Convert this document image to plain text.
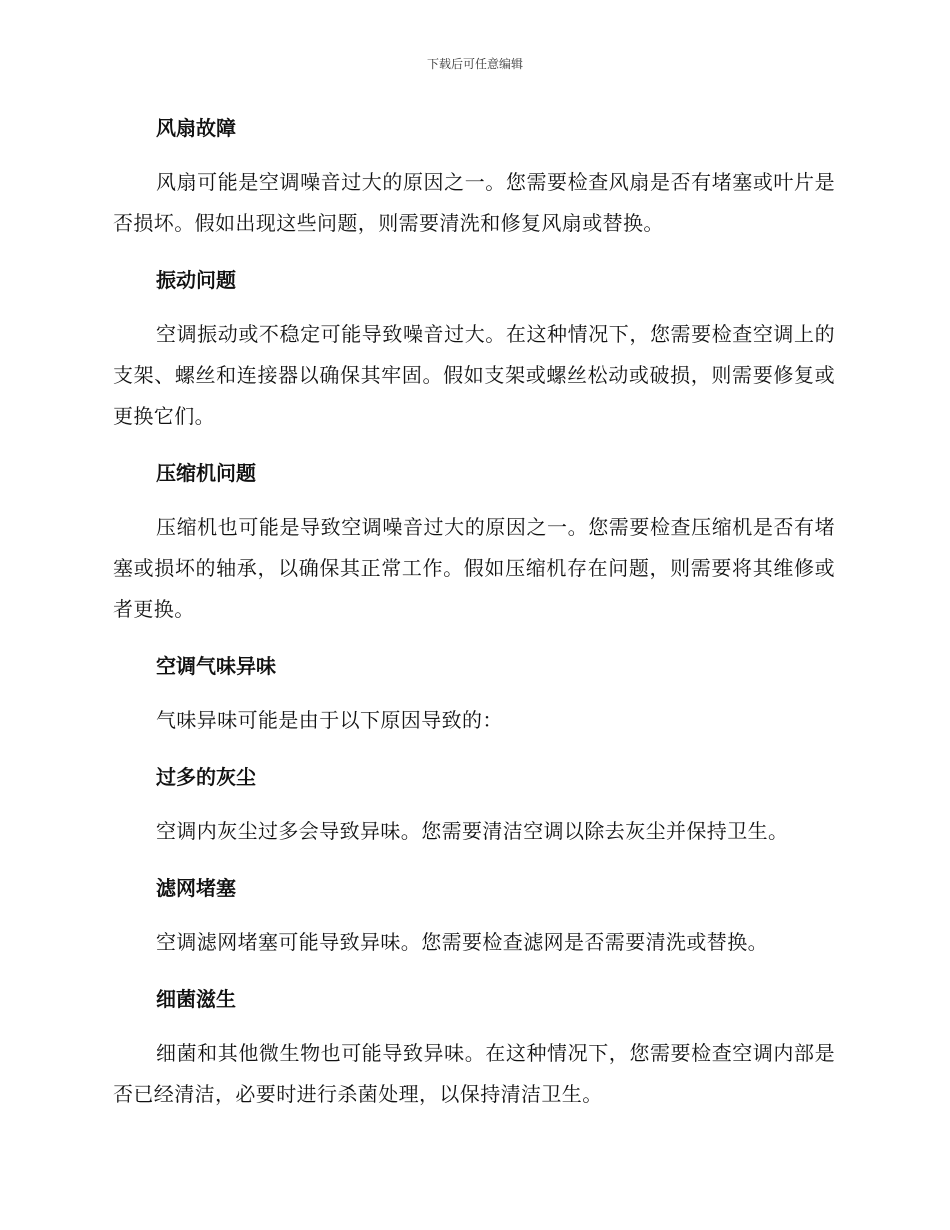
下载后可任意编辑
风扇故障

风扇可能是空调噪音过大的原因之一。您需要检查风扇是否有堵塞或叶片是否损坏。假如出现这些问题，则需要清洗和修复风扇或替换。

振动问题

空调振动或不稳定可能导致噪音过大。在这种情况下，您需要检查空调上的支架、螺丝和连接器以确保其牢固。假如支架或螺丝松动或破损，则需要修复或更换它们。

压缩机问题

压缩机也可能是导致空调噪音过大的原因之一。您需要检查压缩机是否有堵塞或损坏的轴承，以确保其正常工作。假如压缩机存在问题，则需要将其维修或者更换。

空调气味异味

气味异味可能是由于以下原因导致的：

过多的灰尘

空调内灰尘过多会导致异味。您需要清洁空调以除去灰尘并保持卫生。

滤网堵塞

空调滤网堵塞可能导致异味。您需要检查滤网是否需要清洗或替换。

细菌滋生

细菌和其他微生物也可能导致异味。在这种情况下，您需要检查空调内部是否已经清洁，必要时进行杀菌处理，以保持清洁卫生。
